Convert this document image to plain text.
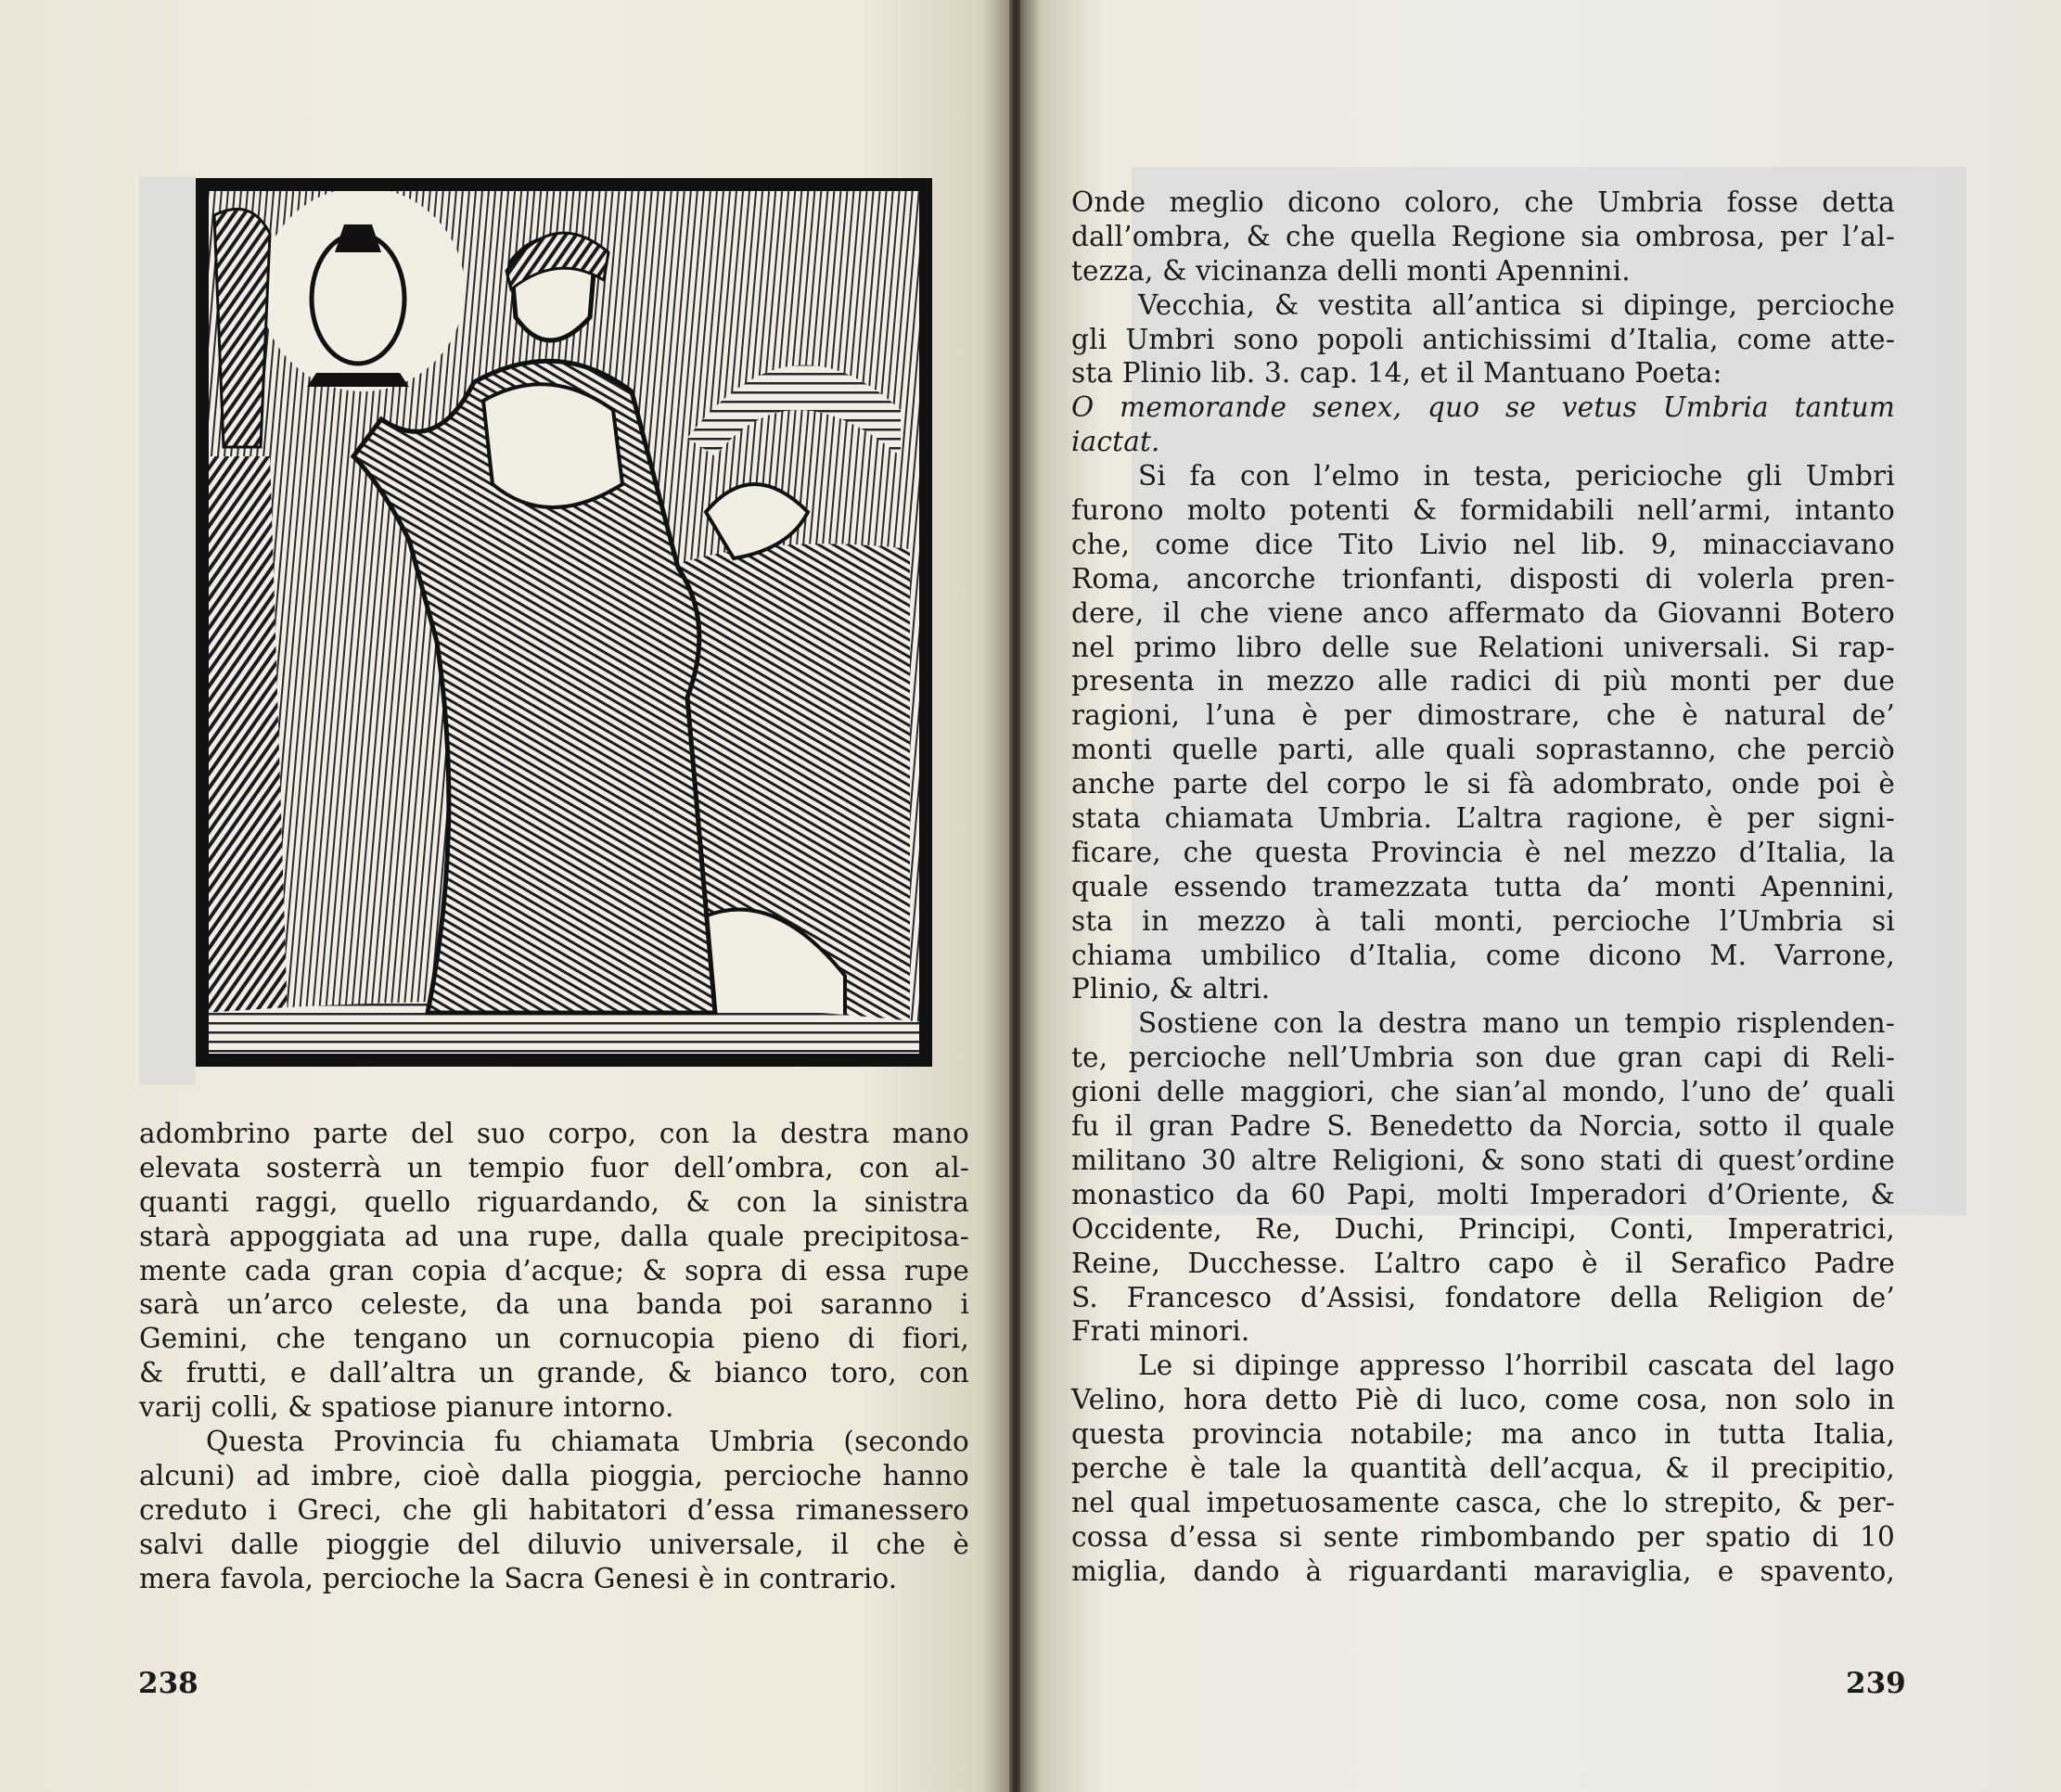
adombrino parte del suo corpo, con la destra mano
elevata sosterrà un tempio fuor dell’ombra, con al-
quanti raggi, quello riguardando, & con la sinistra
starà appoggiata ad una rupe, dalla quale precipitosa-
mente cada gran copia d’acque; & sopra di essa rupe
sarà un’arco celeste, da una banda poi saranno i
Gemini, che tengano un cornucopia pieno di fiori,
& frutti, e dall’altra un grande, & bianco toro, con
varij colli, & spatiose pianure intorno.
Questa Provincia fu chiamata Umbria (secondo
alcuni) ad imbre, cioè dalla pioggia, percioche hanno
creduto i Greci, che gli habitatori d’essa rimanessero
salvi dalle pioggie del diluvio universale, il che è
mera favola, percioche la Sacra Genesi è in contrario.
238
Onde meglio dicono coloro, che Umbria fosse detta
dall’ombra, & che quella Regione sia ombrosa, per l’al-
tezza, & vicinanza delli monti Apennini.
Vecchia, & vestita all’antica si dipinge, percioche
gli Umbri sono popoli antichissimi d’Italia, come atte-
sta Plinio lib. 3. cap. 14, et il Mantuano Poeta:
O memorande senex, quo se vetus Umbria tantum
iactat.
Si fa con l’elmo in testa, pericioche gli Umbri
furono molto potenti & formidabili nell’armi, intanto
che, come dice Tito Livio nel lib. 9, minacciavano
Roma, ancorche trionfanti, disposti di volerla pren-
dere, il che viene anco affermato da Giovanni Botero
nel primo libro delle sue Relationi universali. Si rap-
presenta in mezzo alle radici di più monti per due
ragioni, l’una è per dimostrare, che è natural de’
monti quelle parti, alle quali soprastanno, che perciò
anche parte del corpo le si fà adombrato, onde poi è
stata chiamata Umbria. L’altra ragione, è per signi-
ficare, che questa Provincia è nel mezzo d’Italia, la
quale essendo tramezzata tutta da’ monti Apennini,
sta in mezzo à tali monti, percioche l’Umbria si
chiama umbilico d’Italia, come dicono M. Varrone,
Plinio, & altri.
Sostiene con la destra mano un tempio risplenden-
te, percioche nell’Umbria son due gran capi di Reli-
gioni delle maggiori, che sian’al mondo, l’uno de’ quali
fu il gran Padre S. Benedetto da Norcia, sotto il quale
militano 30 altre Religioni, & sono stati di quest’ordine
monastico da 60 Papi, molti Imperadori d’Oriente, &
Occidente, Re, Duchi, Principi, Conti, Imperatrici,
Reine, Ducchesse. L’altro capo è il Serafico Padre
S. Francesco d’Assisi, fondatore della Religion de’
Frati minori.
Le si dipinge appresso l’horribil cascata del lago
Velino, hora detto Piè di luco, come cosa, non solo in
questa provincia notabile; ma anco in tutta Italia,
perche è tale la quantità dell’acqua, & il precipitio,
nel qual impetuosamente casca, che lo strepito, & per-
cossa d’essa si sente rimbombando per spatio di 10
miglia, dando à riguardanti maraviglia, e spavento,
239
